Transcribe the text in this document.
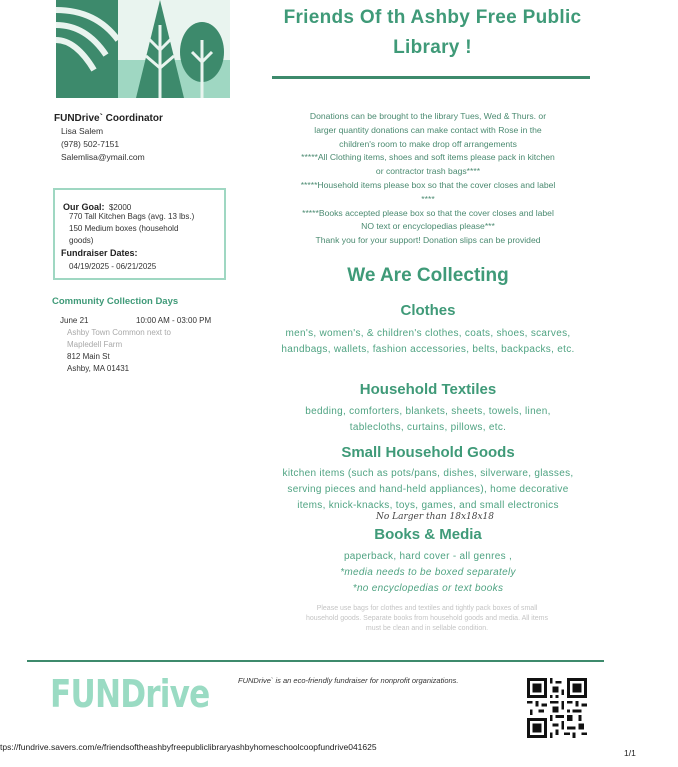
Friends Of th Ashby Free Public
Library !
FUNDrive` Coordinator
Lisa Salem
(978) 502-7151
Salemlisa@ymail.com
Our Goal: $2000
770 Tall Kitchen Bags (avg. 13 lbs.)
150 Medium boxes (household
goods)
Fundraiser Dates:
04/19/2025 - 06/21/2025
Community Collection Days
June 21	10:00 AM - 03:00 PM
Ashby Town Common next to
Mapledell Farm
812 Main St
Ashby, MA 01431
Donations can be brought to the library Tues, Wed & Thurs. or
larger quantity donations can make contact with Rose in the
children's room to make drop off arrangements
*****All Clothing items, shoes and soft items please pack in kitchen
or contractor trash bags****
*****Household items please box so that the cover closes and label
****
*****Books accepted please box so that the cover closes and label
NO text or encyclopedias please***
Thank you for your support! Donation slips can be provided
We Are Collecting
Clothes
men's, women's, & children's clothes, coats, shoes, scarves,
handbags, wallets, fashion accessories, belts, backpacks, etc.
Household Textiles
bedding, comforters, blankets, sheets, towels, linen,
tablecloths, curtains, pillows, etc.
Small Household Goods
kitchen items (such as pots/pans, dishes, silverware, glasses,
serving pieces and hand-held appliances), home decorative
items, knick-knacks, toys, games, and small electronics
No Larger than 18x18x18
Books & Media
paperback, hard cover - all genres ,
*media needs to be boxed separately
*no encyclopedias or text books
Please use bags for clothes and textiles and tightly pack boxes of small
household goods. Separate books from household goods and media. All items
must be clean and in sellable condition.
FUNDrive	FUNDrive` is an eco-friendly fundraiser for nonprofit organizations.
tps://fundrive.savers.com/e/friendsoftheashbyfreepubliclibraryashbyhomeschoolcoopfundrive041625
1/1
